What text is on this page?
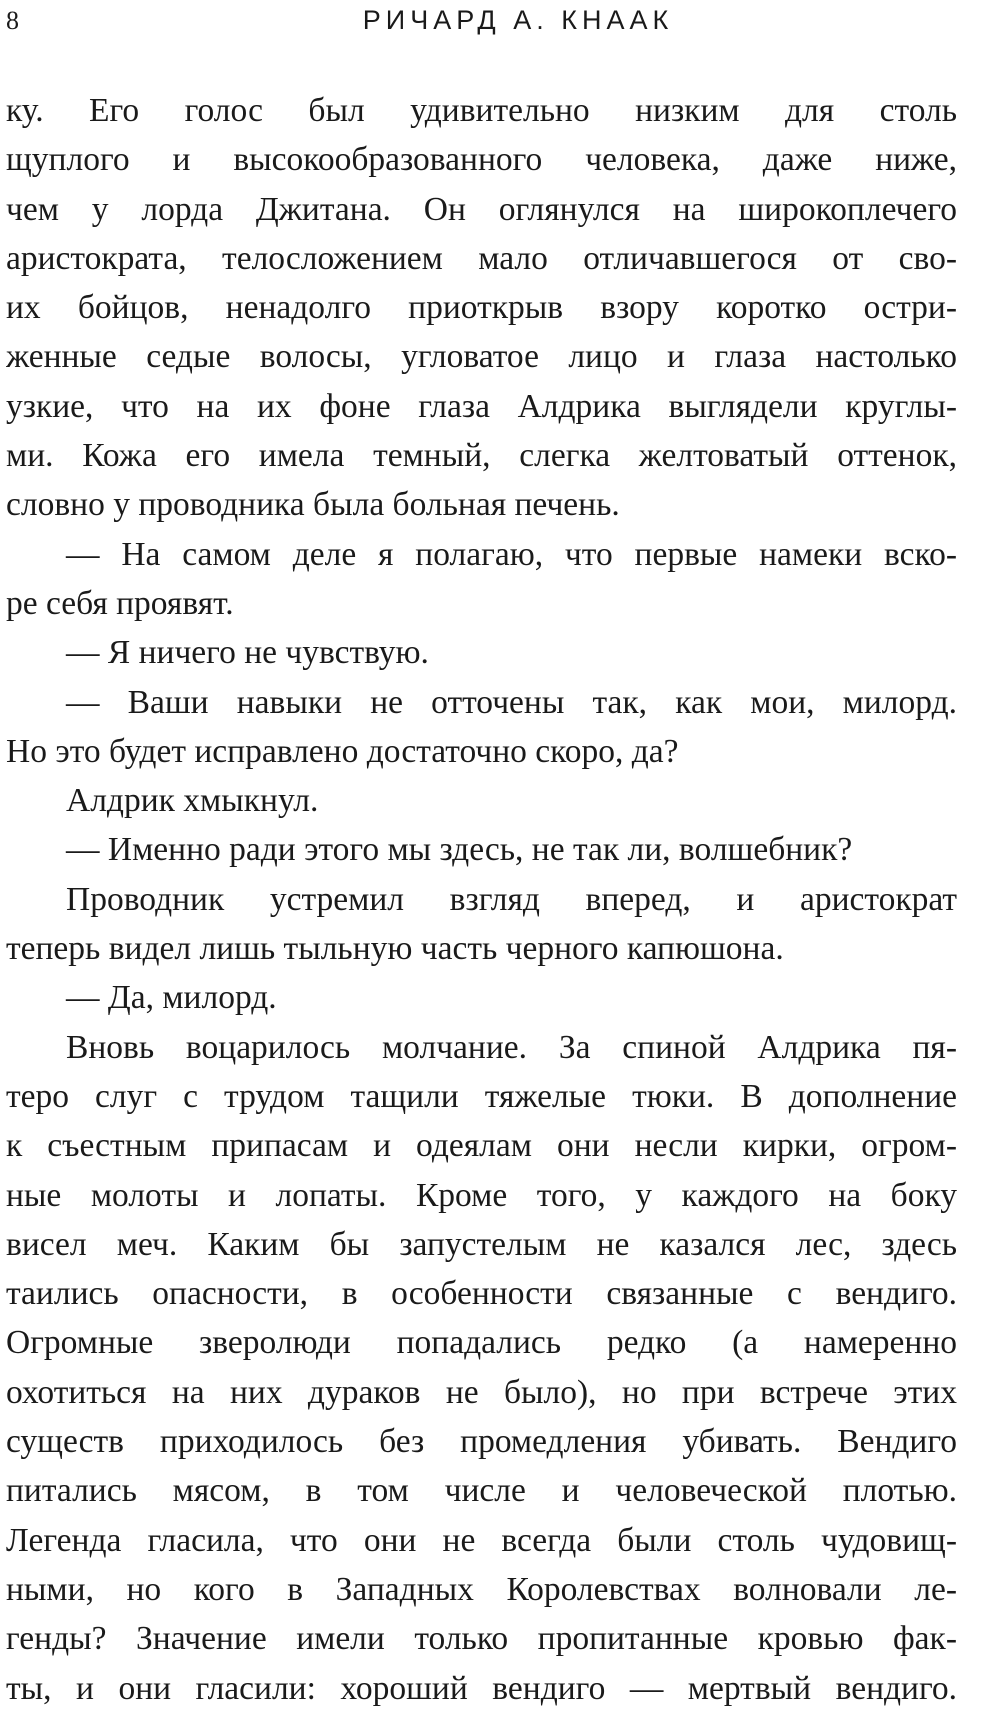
8	РИЧАРД А. КНААК
ку. Его голос был удивительно низким для столь
щуплого и высокообразованного человека, даже ниже,
чем у лорда Джитана. Он оглянулся на широкоплечего
аристократа, телосложением мало отличавшегося от сво-
их бойцов, ненадолго приоткрыв взору коротко остри-
женные седые волосы, угловатое лицо и глаза настолько
узкие, что на их фоне глаза Алдрика выглядели круглы-
ми. Кожа его имела темный, слегка желтоватый оттенок,
словно у проводника была больная печень.
— На самом деле я полагаю, что первые намеки вско-
ре себя проявят.
— Я ничего не чувствую.
— Ваши навыки не отточены так, как мои, милорд.
Но это будет исправлено достаточно скоро, да?
Алдрик хмыкнул.
— Именно ради этого мы здесь, не так ли, волшебник?
Проводник устремил взгляд вперед, и аристократ
теперь видел лишь тыльную часть черного капюшона.
— Да, милорд.
Вновь воцарилось молчание. За спиной Алдрика пя-
теро слуг с трудом тащили тяжелые тюки. В дополнение
к съестным припасам и одеялам они несли кирки, огром-
ные молоты и лопаты. Кроме того, у каждого на боку
висел меч. Каким бы запустелым не казался лес, здесь
таились опасности, в особенности связанные с вендиго.
Огромные зверолюди попадались редко (а намеренно
охотиться на них дураков не было), но при встрече этих
существ приходилось без промедления убивать. Вендиго
питались мясом, в том числе и человеческой плотью.
Легенда гласила, что они не всегда были столь чудовищ-
ными, но кого в Западных Королевствах волновали ле-
генды? Значение имели только пропитанные кровью фак-
ты, и они гласили: хороший вендиго — мертвый вендиго.
